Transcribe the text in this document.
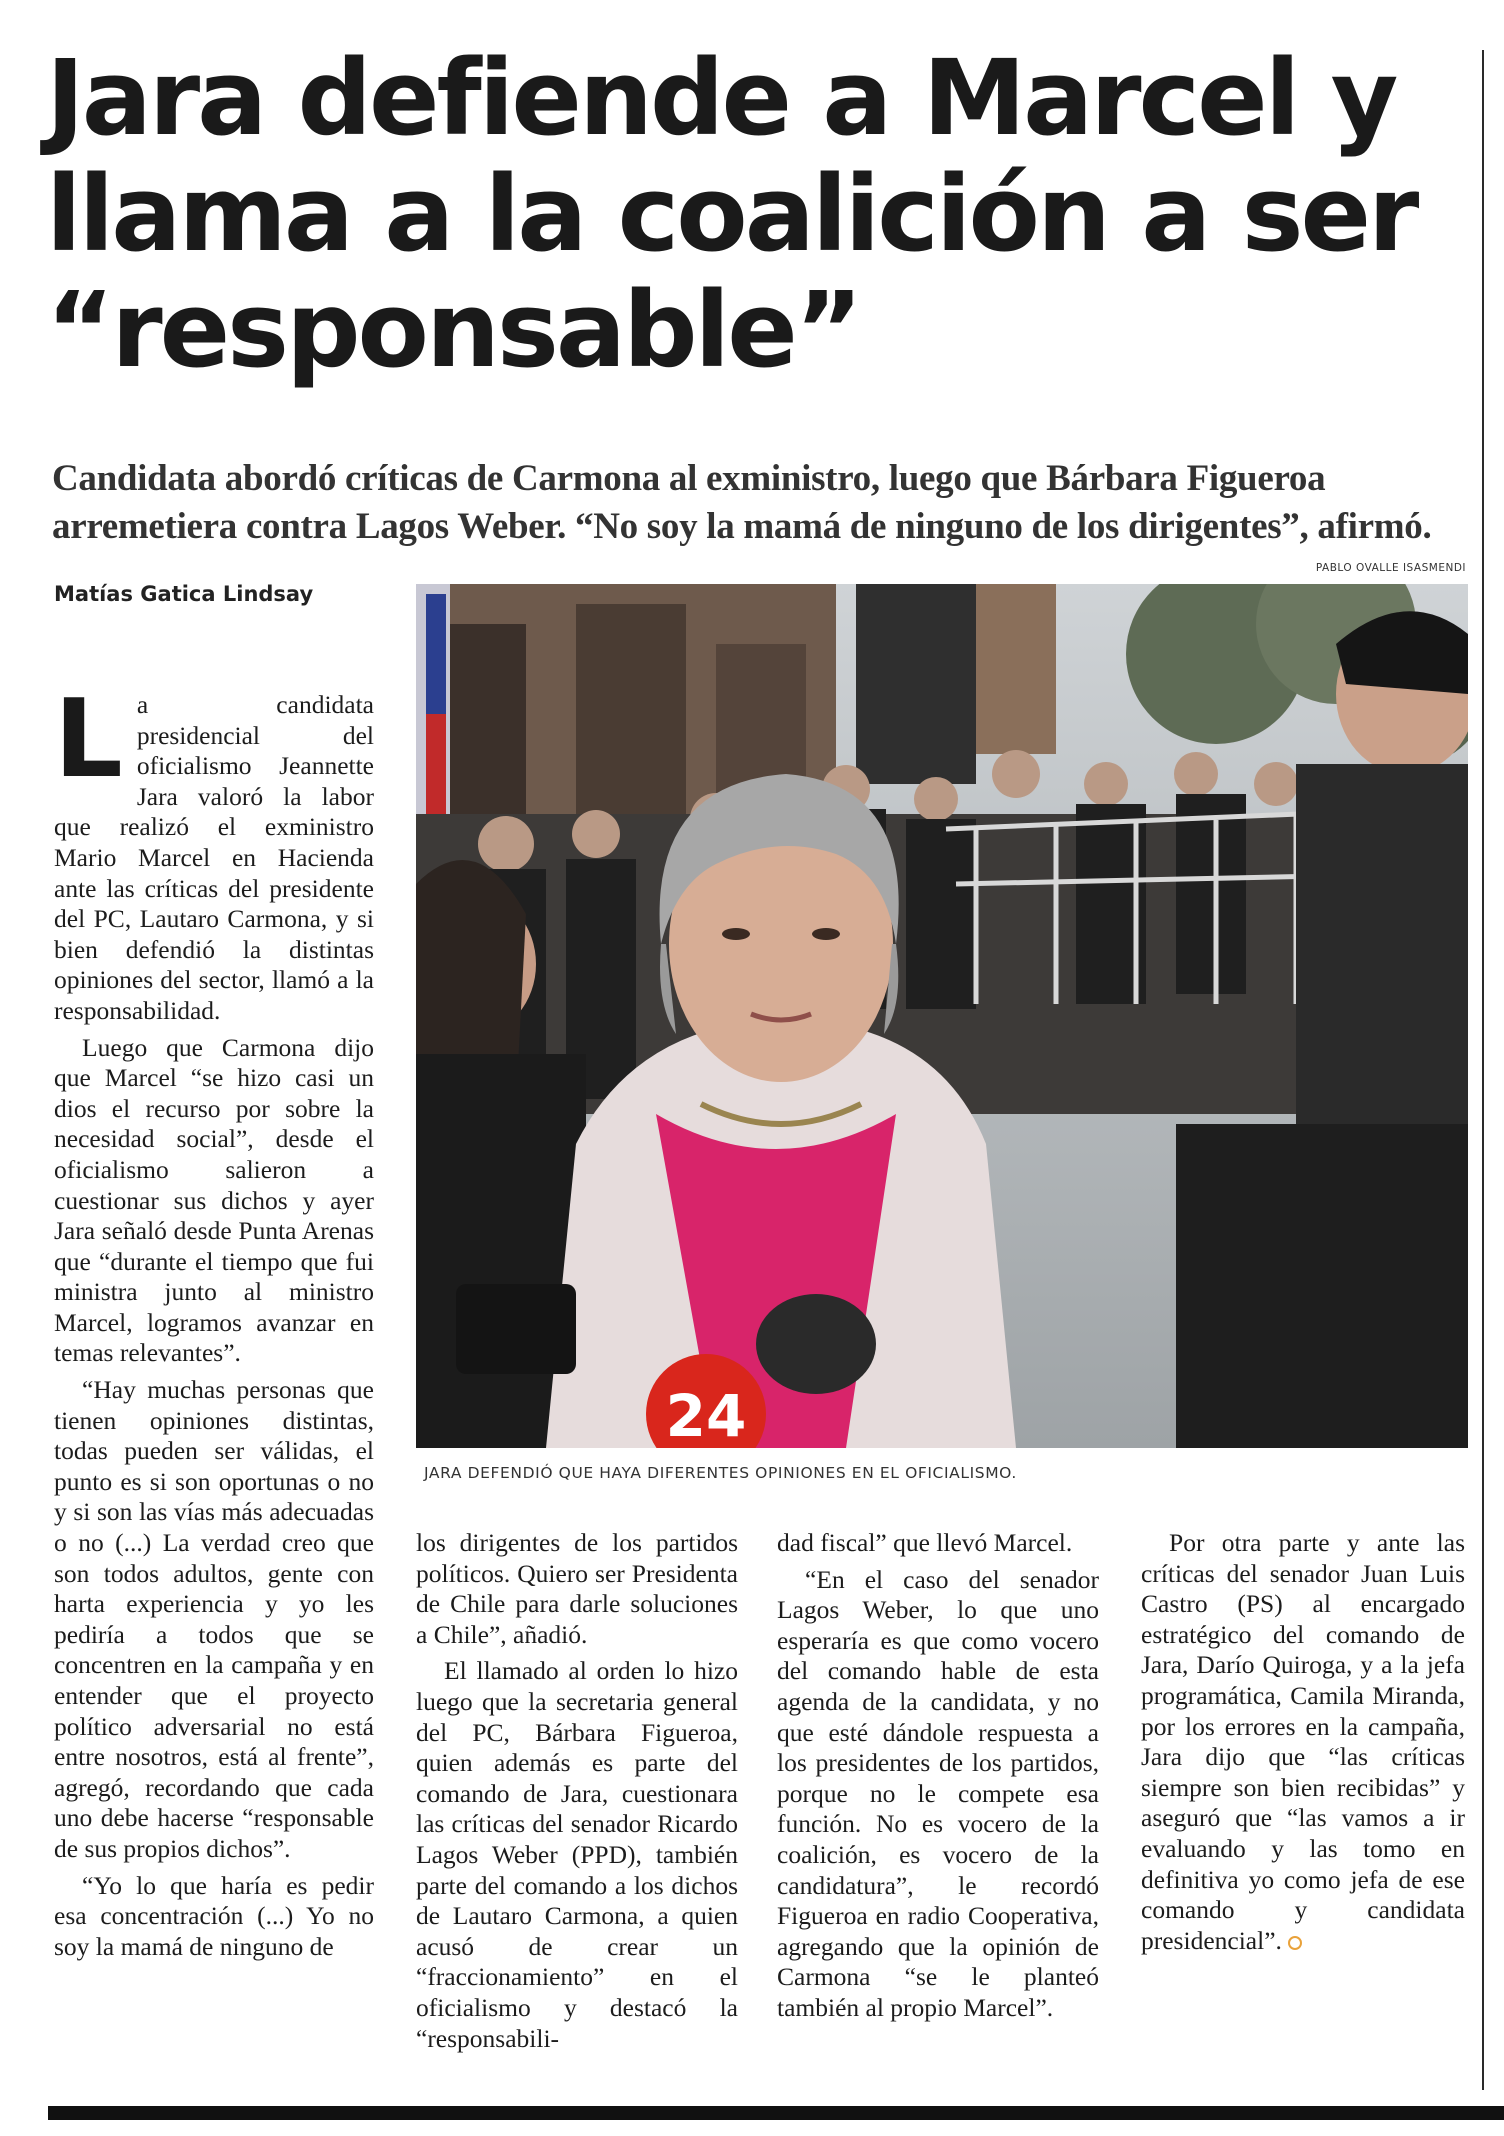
Jara defiende a Marcel y llama a la coalición a ser “responsable”

Candidata abordó críticas de Carmona al exministro, luego que Bárbara Figueroa arremetiera contra Lagos Weber. “No soy la mamá de ninguno de los dirigentes”, afirmó.

Matías Gatica Lindsay
PABLO OVALLE ISASMENDI
24
JARA DEFENDIÓ QUE HAYA DIFERENTES OPINIONES EN EL OFICIALISMO.

La candidata presidencial del oficialismo Jeannette Jara valoró la labor que realizó el exministro Mario Marcel en Hacienda ante las críticas del presidente del PC, Lautaro Carmona, y si bien defendió la distintas opiniones del sector, llamó a la responsabilidad.

Luego que Carmona dijo que Marcel “se hizo casi un dios el recurso por sobre la necesidad social”, desde el oficialismo salieron a cuestionar sus dichos y ayer Jara señaló desde Punta Arenas que “durante el tiempo que fui ministra junto al ministro Marcel, logramos avanzar en temas relevantes”.

“Hay muchas personas que tienen opiniones distintas, todas pueden ser válidas, el punto es si son oportunas o no y si son las vías más adecuadas o no (...) La verdad creo que son todos adultos, gente con harta experiencia y yo les pediría a todos que se concentren en la campaña y en entender que el proyecto político adversarial no está entre nosotros, está al frente”, agregó, recordando que cada uno debe hacerse “responsable de sus propios dichos”.

“Yo lo que haría es pedir esa concentración (...) Yo no soy la mamá de ninguno de

los dirigentes de los partidos políticos. Quiero ser Presidenta de Chile para darle soluciones a Chile”, añadió.

El llamado al orden lo hizo luego que la secretaria general del PC, Bárbara Figueroa, quien además es parte del comando de Jara, cuestionara las críticas del senador Ricardo Lagos Weber (PPD), también parte del comando a los dichos de Lautaro Carmona, a quien acusó de crear un “fraccionamiento” en el oficialismo y destacó la “responsabili-

dad fiscal” que llevó Marcel.

“En el caso del senador Lagos Weber, lo que uno esperaría es que como vocero del comando hable de esta agenda de la candidata, y no que esté dándole respuesta a los presidentes de los partidos, porque no le compete esa función. No es vocero de la coalición, es vocero de la candidatura”, le recordó Figueroa en radio Cooperativa, agregando que la opinión de Carmona “se le planteó también al propio Marcel”.

Por otra parte y ante las críticas del senador Juan Luis Castro (PS) al encargado estratégico del comando de Jara, Darío Quiroga, y a la jefa programática, Camila Miranda, por los errores en la campaña, Jara dijo que “las críticas siempre son bien recibidas” y aseguró que “las vamos a ir evaluando y las tomo en definitiva yo como jefa de ese comando y candidata presidencial”.
